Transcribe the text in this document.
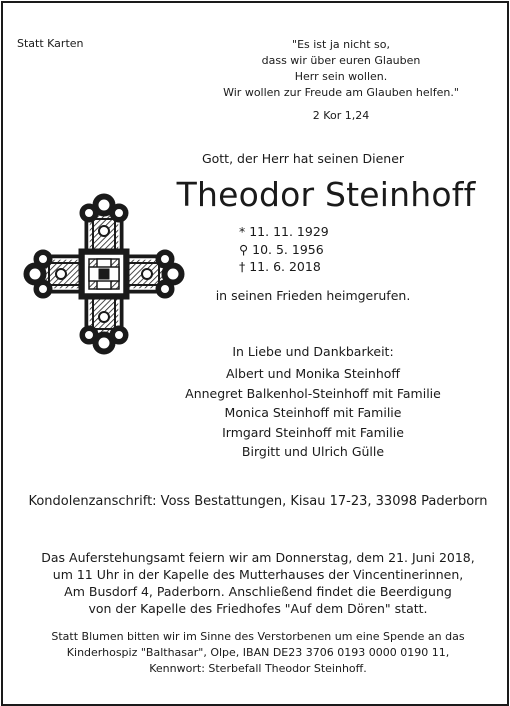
Statt Karten	"Es ist ja nicht so,
dass wir über euren Glauben
Herr sein wollen.
Wir wollen zur Freude am Glauben helfen."
2 Kor 1,24
Gott, der Herr hat seinen Diener
Theodor Steinhoff
* 11. 11. 1929
⚲ 10. 5. 1956
† 11. 6. 2018
in seinen Frieden heimgerufen.
In Liebe und Dankbarkeit:
Albert und Monika Steinhoff
Annegret Balkenhol-Steinhoff mit Familie
Monica Steinhoff mit Familie
Irmgard Steinhoff mit Familie
Birgitt und Ulrich Gülle
Kondolenzanschrift: Voss Bestattungen, Kisau 17-23, 33098 Paderborn
Das Auferstehungsamt feiern wir am Donnerstag, dem 21. Juni 2018,
um 11 Uhr in der Kapelle des Mutterhauses der Vincentinerinnen,
Am Busdorf 4, Paderborn. Anschließend findet die Beerdigung
von der Kapelle des Friedhofes "Auf dem Dören" statt.
Statt Blumen bitten wir im Sinne des Verstorbenen um eine Spende an das
Kinderhospiz "Balthasar", Olpe, IBAN DE23 3706 0193 0000 0190 11,
Kennwort: Sterbefall Theodor Steinhoff.
